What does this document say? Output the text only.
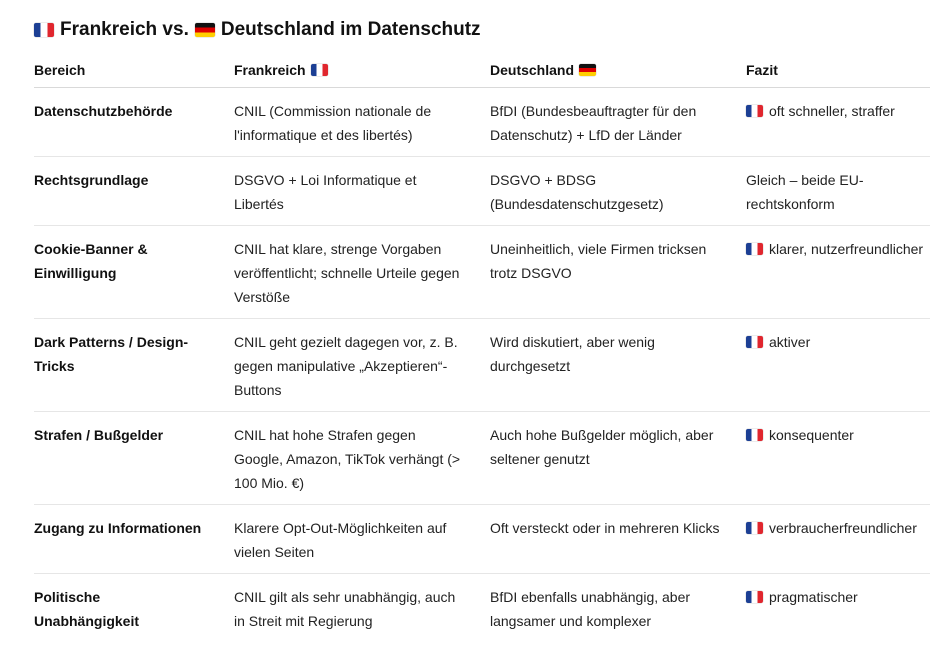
Frankreich vs. Deutschland im Datenschutz
Bereich	Frankreich	Deutschland	Fazit

Datenschutzbehörde	CNIL (Commission nationale de l'informatique et des libertés)	BfDI (Bundesbeauftragter für den Datenschutz) + LfD der Länder	oft schneller, straffer
Rechtsgrundlage	DSGVO + Loi Informatique et Libertés	DSGVO + BDSG (Bundesdatenschutzgesetz)	Gleich – beide EU-rechtskonform
Cookie-Banner & Einwilligung	CNIL hat klare, strenge Vorgaben veröffentlicht; schnelle Urteile gegen Verstöße	Uneinheitlich, viele Firmen tricksen trotz DSGVO	klarer, nutzerfreundlicher
Dark Patterns / Design-Tricks	CNIL geht gezielt dagegen vor, z. B. gegen manipulative „Akzeptieren“-Buttons	Wird diskutiert, aber wenig durchgesetzt	aktiver
Strafen / Bußgelder	CNIL hat hohe Strafen gegen Google, Amazon, TikTok verhängt (> 100 Mio. €)	Auch hohe Bußgelder möglich, aber seltener genutzt	konsequenter
Zugang zu Informationen	Klarere Opt-Out-Möglichkeiten auf vielen Seiten	Oft versteckt oder in mehreren Klicks	verbraucherfreundlicher
Politische Unabhängigkeit	CNIL gilt als sehr unabhängig, auch in Streit mit Regierung	BfDI ebenfalls unabhängig, aber langsamer und komplexer	pragmatischer
